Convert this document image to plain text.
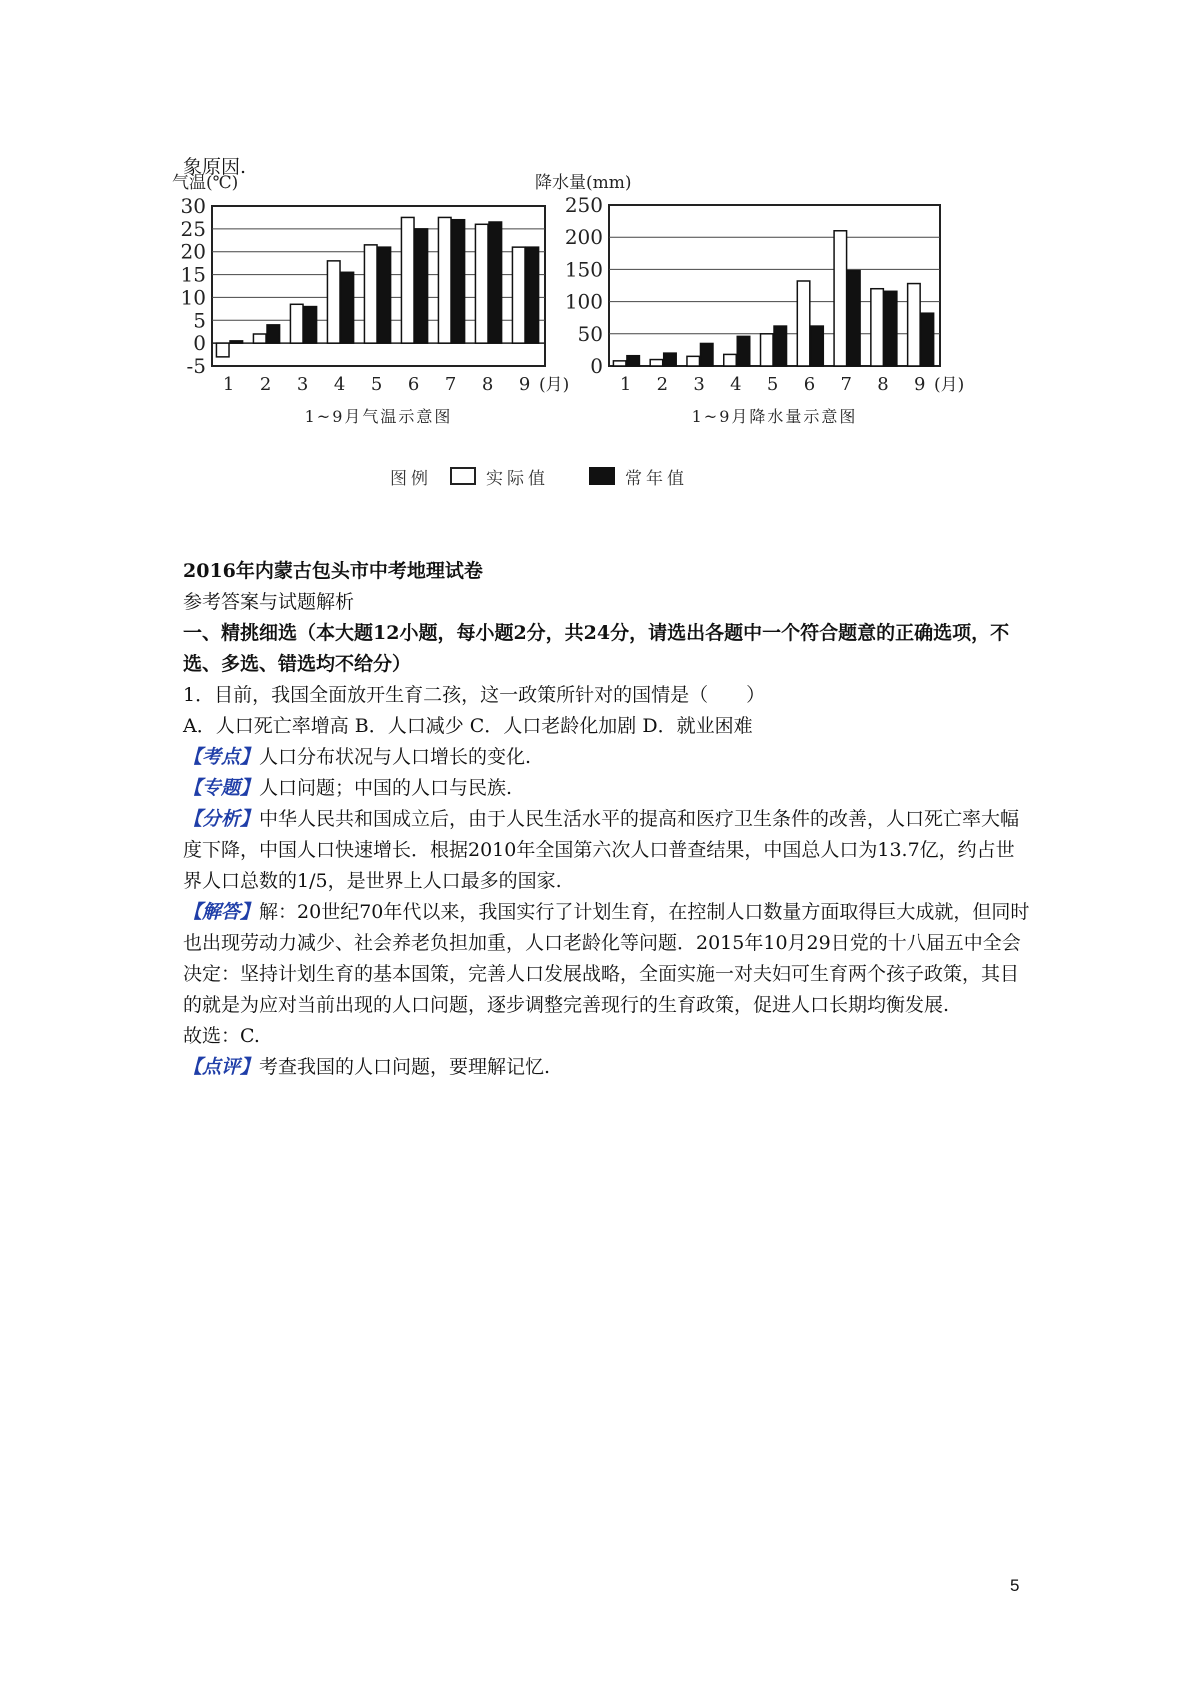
象原因.
气温(℃)
-5
0
5
10
15
20
25
30
1 2 3 4 5 6 7 8 9 (月)
1~9月气温示意图
降水量(mm)
0
50
100
150
200
250
1 2 3 4 5 6 7 8 9 (月)
1~9月降水量示意图
图例	实际值	常年值

2016年内蒙古包头市中考地理试卷

参考答案与试题解析

一、精挑细选（本大题12小题，每小题2分，共24分，请选出各题中一个符合题意的正确选项，不选、多选、错选均不给分）

1．目前，我国全面放开生育二孩，这一政策所针对的国情是（　　）

A．人口死亡率增高 B．人口减少 C．人口老龄化加剧 D．就业困难

【考点】人口分布状况与人口增长的变化.

【专题】人口问题；中国的人口与民族.

【分析】中华人民共和国成立后，由于人民生活水平的提高和医疗卫生条件的改善，人口死亡率大幅度下降，中国人口快速增长．根据2010年全国第六次人口普查结果，中国总人口为13.7亿，约占世界人口总数的1/5，是世界上人口最多的国家.

【解答】解：20世纪70年代以来，我国实行了计划生育，在控制人口数量方面取得巨大成就，但同时也出现劳动力减少、社会养老负担加重，人口老龄化等问题．2015年10月29日党的十八届五中全会决定：坚持计划生育的基本国策，完善人口发展战略，全面实施一对夫妇可生育两个孩子政策，其目的就是为应对当前出现的人口问题，逐步调整完善现行的生育政策，促进人口长期均衡发展.

故选：C.

【点评】考查我国的人口问题，要理解记忆.

5
